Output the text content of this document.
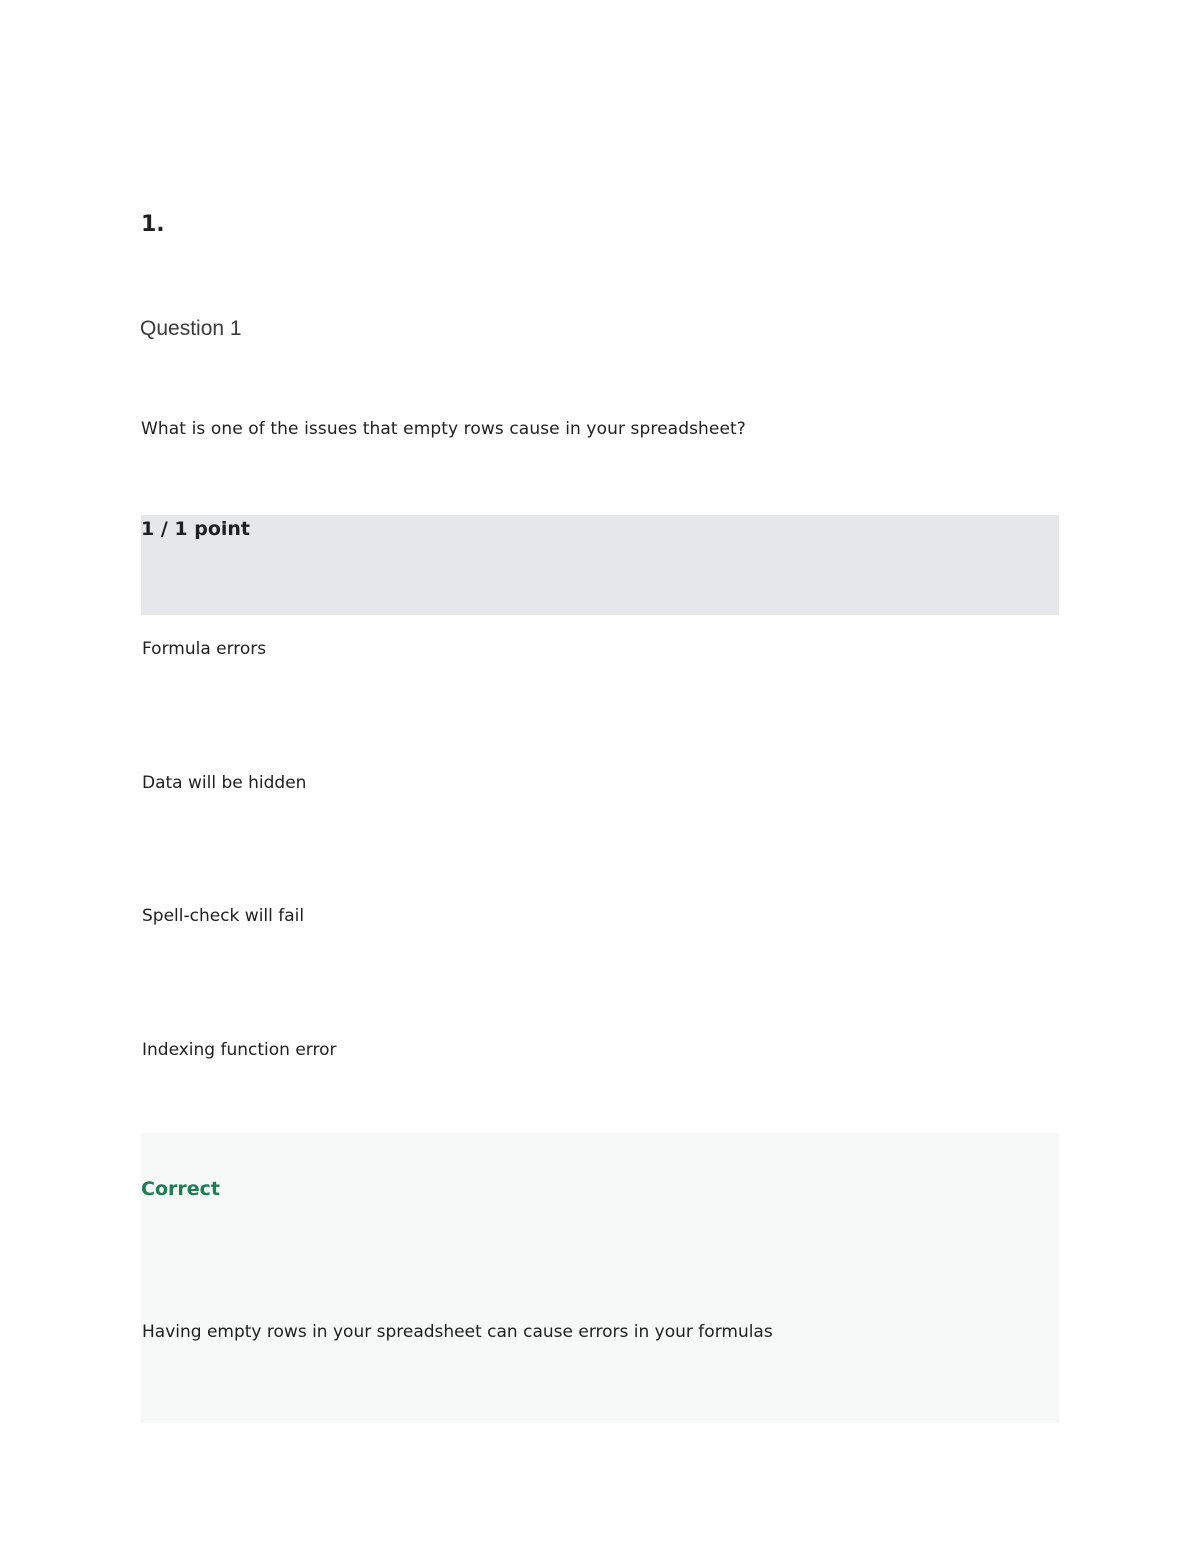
1.
Question 1
What is one of the issues that empty rows cause in your spreadsheet?
1 / 1 point
Formula errors
Data will be hidden
Spell-check will fail
Indexing function error
Correct
Having empty rows in your spreadsheet can cause errors in your formulas
